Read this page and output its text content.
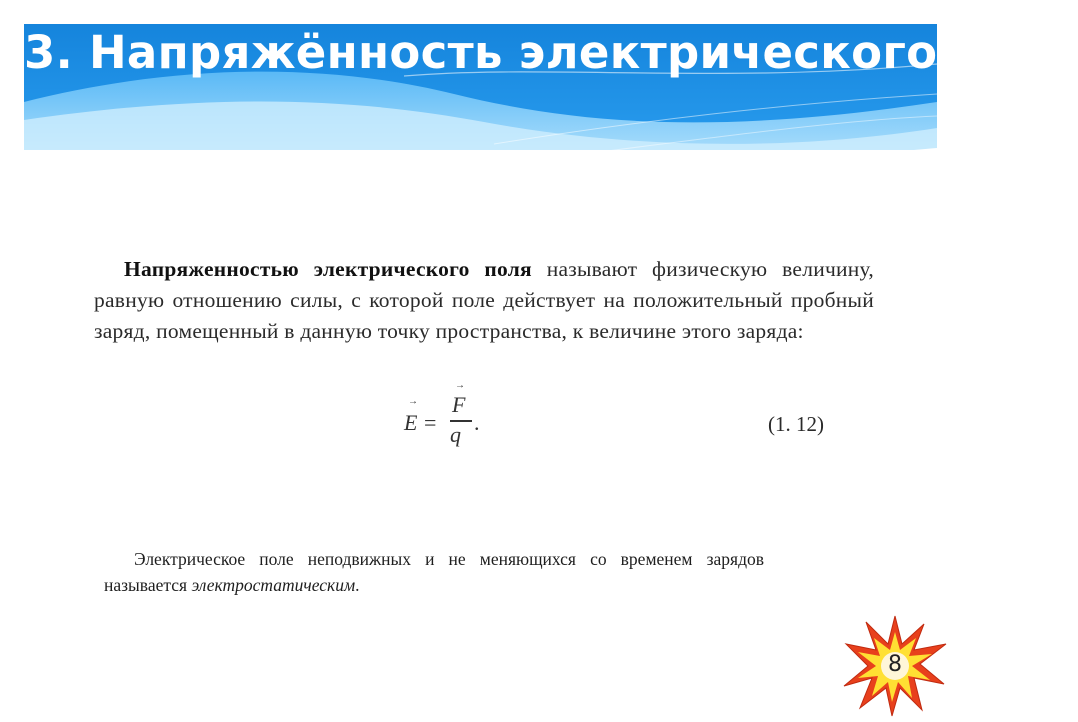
3. Напряжённость электрического поля

Напряженностью электрического поля называют физическую величину, равную отношению силы, с которой поле действует на положительный пробный заряд, помещенный в данную точку пространства, к величине этого заряда:

→
E =
→
F
q .	(1. 12)

Электрическое поле неподвижных и не меняющихся со временем зарядов называется электростатическим.

8
